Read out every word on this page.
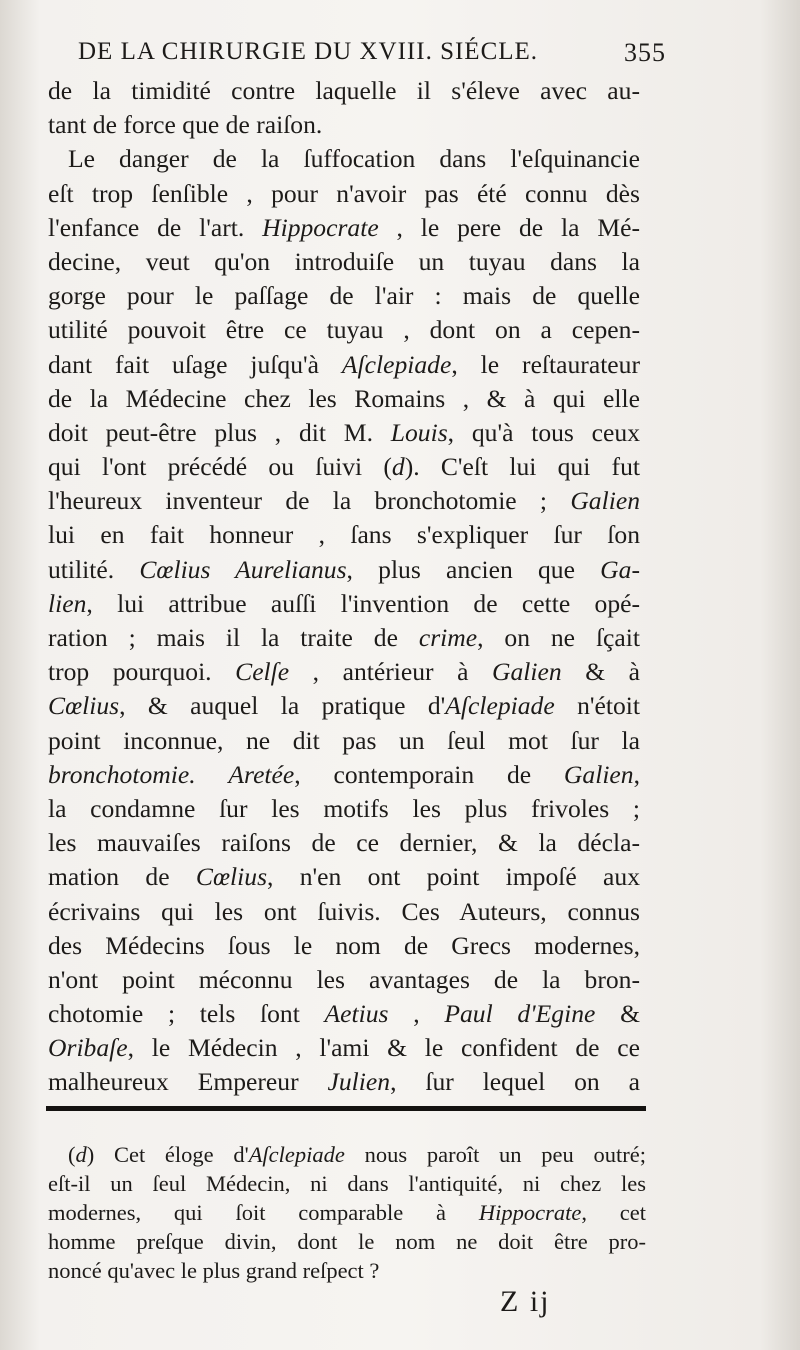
DE LA CHIRURGIE DU XVIII. SIÉCLE.	355
de la timidité contre laquelle il s'éleve avec au-
tant de force que de raiſon.
Le danger de la ſuffocation dans l'eſquinancie
eſt trop ſenſible , pour n'avoir pas été connu dès
l'enfance de l'art. Hippocrate , le pere de la Mé-
decine, veut qu'on introduiſe un tuyau dans la
gorge pour le paſſage de l'air : mais de quelle
utilité pouvoit être ce tuyau , dont on a cepen-
dant fait uſage juſqu'à Aſclepiade, le reſtaurateur
de la Médecine chez les Romains , & à qui elle
doit peut-être plus , dit M. Louis, qu'à tous ceux
qui l'ont précédé ou ſuivi (d). C'eſt lui qui fut
l'heureux inventeur de la bronchotomie ; Galien
lui en fait honneur , ſans s'expliquer ſur ſon
utilité. Cœlius Aurelianus, plus ancien que Ga-
lien, lui attribue auſſi l'invention de cette opé-
ration ; mais il la traite de crime, on ne ſçait
trop pourquoi. Celſe , antérieur à Galien & à
Cœlius, & auquel la pratique d'Aſclepiade n'étoit
point inconnue, ne dit pas un ſeul mot ſur la
bronchotomie. Aretée, contemporain de Galien,
la condamne ſur les motifs les plus frivoles ;
les mauvaiſes raiſons de ce dernier, & la décla-
mation de Cœlius, n'en ont point impoſé aux
écrivains qui les ont ſuivis. Ces Auteurs, connus
des Médecins ſous le nom de Grecs modernes,
n'ont point méconnu les avantages de la bron-
chotomie ; tels ſont Aetius , Paul d'Egine &
Oribaſe, le Médecin , l'ami & le confident de ce
malheureux Empereur Julien, ſur lequel on a
(d) Cet éloge d'Aſclepiade nous paroît un peu outré;
eſt-il un ſeul Médecin, ni dans l'antiquité, ni chez les
modernes, qui ſoit comparable à Hippocrate, cet
homme preſque divin, dont le nom ne doit être pro-
noncé qu'avec le plus grand reſpect ?
Z ij
